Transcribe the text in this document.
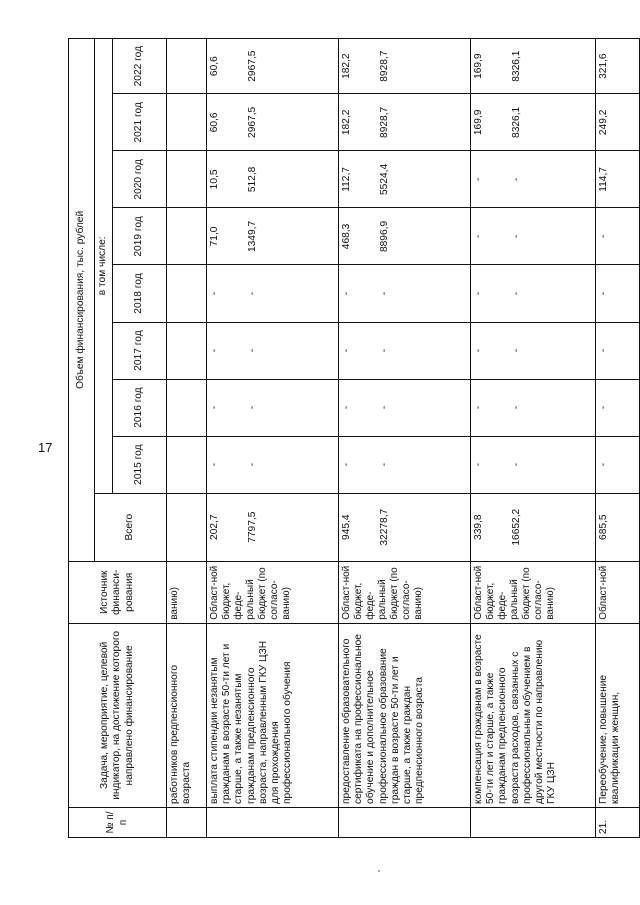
17
№ п/п	Задача, мероприятие, целевой индикатор, на достижение которого направлено финансирование	Источник финанси-рования	Объем финансирования, тыс. рублей								
			Всего	в том числе:							
				2015 год	2016 год	2017 год	2018 год	2019 год	2020 год	2021 год	2022 год
	работников предпенсионного возраста	ванию)	

	выплата стипендии незанятым гражданам в возрасте 50-ти лет и старше, а также незанятым гражданам предпенсионного возраста, направленным ГКУ ЦЗН для прохождения профессионального обучения	Област-ной бюджет, феде-ральный бюджет (по согласо-ванию)	202,7 7797,5	- -	- -	- -	- -	71,0 1349,7	10,5 512,8	60,6 2967,5	60,6 2967,5

	предоставление образовательного сертификата на профессиональное обучение и дополнительное профессиональное образование граждан в возрасте 50-ти лет и старше, а также граждан предпенсионного возраста	Област-ной бюджет, феде-ральный бюджет (по согласо-ванию)	945,4 32278,7	- -	- -	- -	- -	468,3 8896,9	112,7 5524,4	182,2 8928,7	182,2 8928,7

	компенсация гражданам в возрасте 50-ти лет и старше, а также гражданам предпенсионного возраста расходов, связанных с профессиональным обучением в другой местности по направлению ГКУ ЦЗН	Област-ной бюджет, феде-ральный бюджет (по согласо-ванию)	339,8 16652,2	- -	- -	- -	- -	- -	- -	169,9 8326,1	169,9 8326,1

21.	Переобучение, повышение квалификации женщин,	Област-ной	685,5	-	-	-	-	-	114,7	249,2	321,6
